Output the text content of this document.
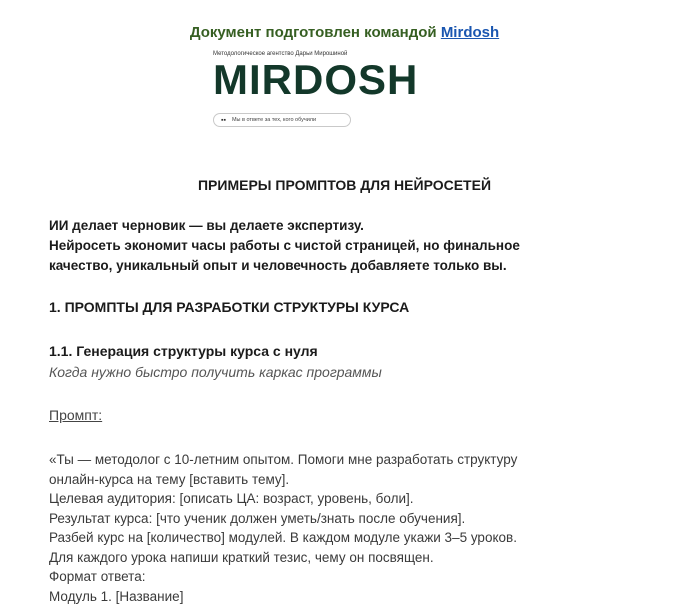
Документ подготовлен командой Mirdosh
Методологическое агентство Дарьи Мирошиной
MIRDOSH
▪▪ Мы в ответе за тех, кого обучили
ПРИМЕРЫ ПРОМПТОВ ДЛЯ НЕЙРОСЕТЕЙ
ИИ делает черновик — вы делаете экспертизу.
Нейросеть экономит часы работы с чистой страницей, но финальное
качество, уникальный опыт и человечность добавляете только вы.
1. ПРОМПТЫ ДЛЯ РАЗРАБОТКИ СТРУКТУРЫ КУРСА
1.1. Генерация структуры курса с нуля
Когда нужно быстро получить каркас программы
Промпт:
«Ты — методолог с 10-летним опытом. Помоги мне разработать структуру
онлайн-курса на тему [вставить тему].
Целевая аудитория: [описать ЦА: возраст, уровень, боли].
Результат курса: [что ученик должен уметь/знать после обучения].
Разбей курс на [количество] модулей. В каждом модуле укажи 3–5 уроков.
Для каждого урока напиши краткий тезис, чему он посвящен.
Формат ответа:
Модуль 1. [Название]
